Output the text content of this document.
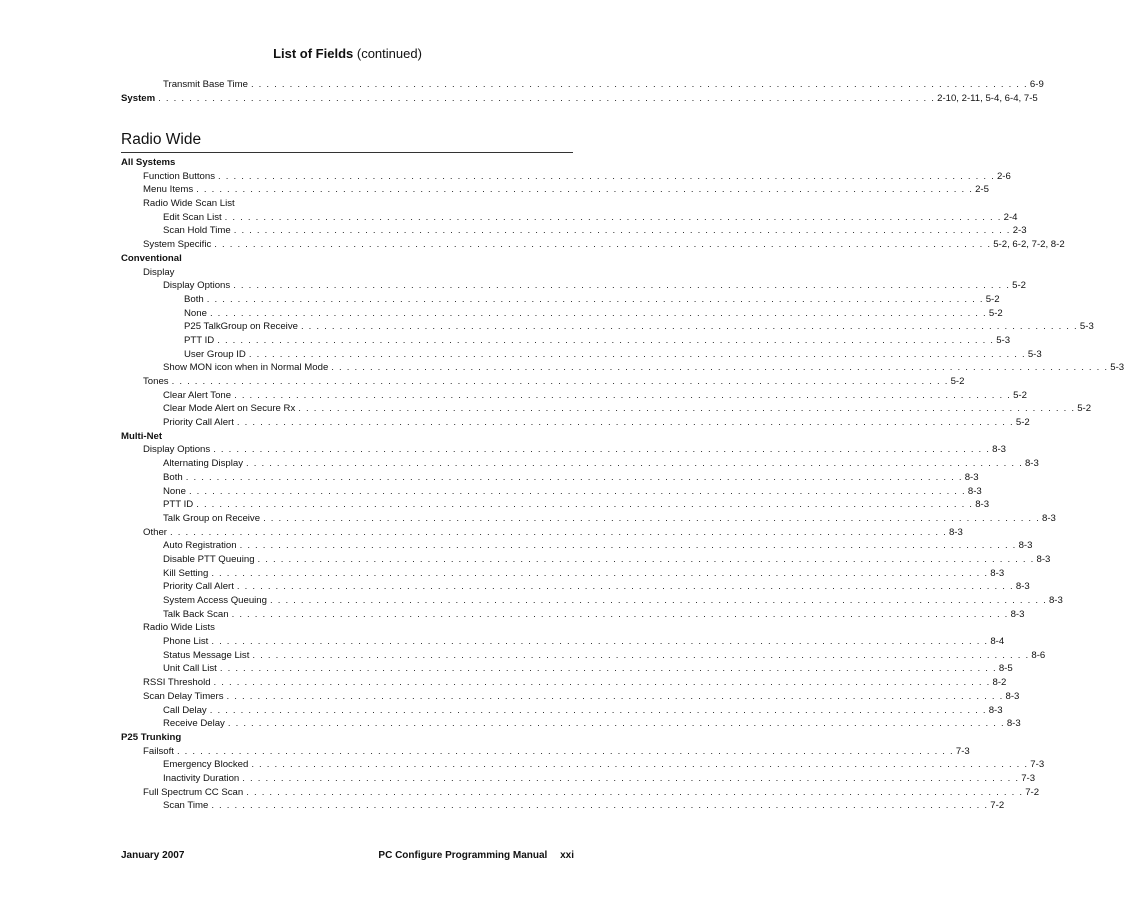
List of Fields (continued)
Transmit Base Time . . . . . . . . . . . . . . . . . . . . . . . . . . . . . . . . . . . . . . . . . . . . . . . . . . . . . . . . . . . . . . . . . . . . . . . . . . . . . . . . . . . . . . . . . . . . . . . . . . . . . 6-9
System . . . . . . . . . . . . . . . . . . . . . . . . . . . . . . . . . . . . . . . . . . . . . . . . . . . . . . . . . . . . . . . . . . . . . . . . . . . . . . . . . . . . . . . . . . . . . . . . . . . . . 2-10, 2-11, 5-4, 6-4, 7-5
Radio Wide
All Systems
Function Buttons . . . . . . . . . . . . . . . . . . . . . . . . . . . . . . . . . . . . . . . . . . . . . . . . . . . . . . . . . . . . . . . . . . . . . . . . . . . . . . . . . . . . . . . . . . . . . . . . . . . . . 2-6
Menu Items . . . . . . . . . . . . . . . . . . . . . . . . . . . . . . . . . . . . . . . . . . . . . . . . . . . . . . . . . . . . . . . . . . . . . . . . . . . . . . . . . . . . . . . . . . . . . . . . . . . . . 2-5
Radio Wide Scan List
Edit Scan List . . . . . . . . . . . . . . . . . . . . . . . . . . . . . . . . . . . . . . . . . . . . . . . . . . . . . . . . . . . . . . . . . . . . . . . . . . . . . . . . . . . . . . . . . . . . . . . . . . . . . 2-4
Scan Hold Time . . . . . . . . . . . . . . . . . . . . . . . . . . . . . . . . . . . . . . . . . . . . . . . . . . . . . . . . . . . . . . . . . . . . . . . . . . . . . . . . . . . . . . . . . . . . . . . . . . . . . 2-3
System Specific . . . . . . . . . . . . . . . . . . . . . . . . . . . . . . . . . . . . . . . . . . . . . . . . . . . . . . . . . . . . . . . . . . . . . . . . . . . . . . . . . . . . . . . . . . . . . . . . . . . . . 5-2, 6-2, 7-2, 8-2
Conventional
Display
Display Options . . . . . . . . . . . . . . . . . . . . . . . . . . . . . . . . . . . . . . . . . . . . . . . . . . . . . . . . . . . . . . . . . . . . . . . . . . . . . . . . . . . . . . . . . . . . . . . . . . . . . 5-2
Both . . . . . . . . . . . . . . . . . . . . . . . . . . . . . . . . . . . . . . . . . . . . . . . . . . . . . . . . . . . . . . . . . . . . . . . . . . . . . . . . . . . . . . . . . . . . . . . . . . . . . 5-2
None . . . . . . . . . . . . . . . . . . . . . . . . . . . . . . . . . . . . . . . . . . . . . . . . . . . . . . . . . . . . . . . . . . . . . . . . . . . . . . . . . . . . . . . . . . . . . . . . . . . . . 5-2
P25 TalkGroup on Receive . . . . . . . . . . . . . . . . . . . . . . . . . . . . . . . . . . . . . . . . . . . . . . . . . . . . . . . . . . . . . . . . . . . . . . . . . . . . . . . . . . . . . . . . . . . . . . . . . . . . . 5-3
PTT ID . . . . . . . . . . . . . . . . . . . . . . . . . . . . . . . . . . . . . . . . . . . . . . . . . . . . . . . . . . . . . . . . . . . . . . . . . . . . . . . . . . . . . . . . . . . . . . . . . . . . . 5-3
User Group ID . . . . . . . . . . . . . . . . . . . . . . . . . . . . . . . . . . . . . . . . . . . . . . . . . . . . . . . . . . . . . . . . . . . . . . . . . . . . . . . . . . . . . . . . . . . . . . . . . . . . . 5-3
Show MON icon when in Normal Mode . . . . . . . . . . . . . . . . . . . . . . . . . . . . . . . . . . . . . . . . . . . . . . . . . . . . . . . . . . . . . . . . . . . . . . . . . . . . . . . . . . . . . . . . . . . . . . . . . . . . . 5-3
Tones . . . . . . . . . . . . . . . . . . . . . . . . . . . . . . . . . . . . . . . . . . . . . . . . . . . . . . . . . . . . . . . . . . . . . . . . . . . . . . . . . . . . . . . . . . . . . . . . . . . . . 5-2
Clear Alert Tone . . . . . . . . . . . . . . . . . . . . . . . . . . . . . . . . . . . . . . . . . . . . . . . . . . . . . . . . . . . . . . . . . . . . . . . . . . . . . . . . . . . . . . . . . . . . . . . . . . . . . 5-2
Clear Mode Alert on Secure Rx . . . . . . . . . . . . . . . . . . . . . . . . . . . . . . . . . . . . . . . . . . . . . . . . . . . . . . . . . . . . . . . . . . . . . . . . . . . . . . . . . . . . . . . . . . . . . . . . . . . . . 5-2
Priority Call Alert . . . . . . . . . . . . . . . . . . . . . . . . . . . . . . . . . . . . . . . . . . . . . . . . . . . . . . . . . . . . . . . . . . . . . . . . . . . . . . . . . . . . . . . . . . . . . . . . . . . . . 5-2
Multi-Net
Display Options . . . . . . . . . . . . . . . . . . . . . . . . . . . . . . . . . . . . . . . . . . . . . . . . . . . . . . . . . . . . . . . . . . . . . . . . . . . . . . . . . . . . . . . . . . . . . . . . . . . . . 8-3
Alternating Display . . . . . . . . . . . . . . . . . . . . . . . . . . . . . . . . . . . . . . . . . . . . . . . . . . . . . . . . . . . . . . . . . . . . . . . . . . . . . . . . . . . . . . . . . . . . . . . . . . . . . 8-3
Both . . . . . . . . . . . . . . . . . . . . . . . . . . . . . . . . . . . . . . . . . . . . . . . . . . . . . . . . . . . . . . . . . . . . . . . . . . . . . . . . . . . . . . . . . . . . . . . . . . . . . 8-3
None . . . . . . . . . . . . . . . . . . . . . . . . . . . . . . . . . . . . . . . . . . . . . . . . . . . . . . . . . . . . . . . . . . . . . . . . . . . . . . . . . . . . . . . . . . . . . . . . . . . . . 8-3
PTT ID . . . . . . . . . . . . . . . . . . . . . . . . . . . . . . . . . . . . . . . . . . . . . . . . . . . . . . . . . . . . . . . . . . . . . . . . . . . . . . . . . . . . . . . . . . . . . . . . . . . . . 8-3
Talk Group on Receive . . . . . . . . . . . . . . . . . . . . . . . . . . . . . . . . . . . . . . . . . . . . . . . . . . . . . . . . . . . . . . . . . . . . . . . . . . . . . . . . . . . . . . . . . . . . . . . . . . . . . 8-3
Other . . . . . . . . . . . . . . . . . . . . . . . . . . . . . . . . . . . . . . . . . . . . . . . . . . . . . . . . . . . . . . . . . . . . . . . . . . . . . . . . . . . . . . . . . . . . . . . . . . . . . 8-3
Auto Registration . . . . . . . . . . . . . . . . . . . . . . . . . . . . . . . . . . . . . . . . . . . . . . . . . . . . . . . . . . . . . . . . . . . . . . . . . . . . . . . . . . . . . . . . . . . . . . . . . . . . . 8-3
Disable PTT Queuing . . . . . . . . . . . . . . . . . . . . . . . . . . . . . . . . . . . . . . . . . . . . . . . . . . . . . . . . . . . . . . . . . . . . . . . . . . . . . . . . . . . . . . . . . . . . . . . . . . . . . 8-3
Kill Setting . . . . . . . . . . . . . . . . . . . . . . . . . . . . . . . . . . . . . . . . . . . . . . . . . . . . . . . . . . . . . . . . . . . . . . . . . . . . . . . . . . . . . . . . . . . . . . . . . . . . . 8-3
Priority Call Alert . . . . . . . . . . . . . . . . . . . . . . . . . . . . . . . . . . . . . . . . . . . . . . . . . . . . . . . . . . . . . . . . . . . . . . . . . . . . . . . . . . . . . . . . . . . . . . . . . . . . . 8-3
System Access Queuing . . . . . . . . . . . . . . . . . . . . . . . . . . . . . . . . . . . . . . . . . . . . . . . . . . . . . . . . . . . . . . . . . . . . . . . . . . . . . . . . . . . . . . . . . . . . . . . . . . . . . 8-3
Talk Back Scan . . . . . . . . . . . . . . . . . . . . . . . . . . . . . . . . . . . . . . . . . . . . . . . . . . . . . . . . . . . . . . . . . . . . . . . . . . . . . . . . . . . . . . . . . . . . . . . . . . . . . 8-3
Radio Wide Lists
Phone List . . . . . . . . . . . . . . . . . . . . . . . . . . . . . . . . . . . . . . . . . . . . . . . . . . . . . . . . . . . . . . . . . . . . . . . . . . . . . . . . . . . . . . . . . . . . . . . . . . . . . 8-4
Status Message List . . . . . . . . . . . . . . . . . . . . . . . . . . . . . . . . . . . . . . . . . . . . . . . . . . . . . . . . . . . . . . . . . . . . . . . . . . . . . . . . . . . . . . . . . . . . . . . . . . . . . 8-6
Unit Call List . . . . . . . . . . . . . . . . . . . . . . . . . . . . . . . . . . . . . . . . . . . . . . . . . . . . . . . . . . . . . . . . . . . . . . . . . . . . . . . . . . . . . . . . . . . . . . . . . . . . . 8-5
RSSI Threshold . . . . . . . . . . . . . . . . . . . . . . . . . . . . . . . . . . . . . . . . . . . . . . . . . . . . . . . . . . . . . . . . . . . . . . . . . . . . . . . . . . . . . . . . . . . . . . . . . . . . . 8-2
Scan Delay Timers . . . . . . . . . . . . . . . . . . . . . . . . . . . . . . . . . . . . . . . . . . . . . . . . . . . . . . . . . . . . . . . . . . . . . . . . . . . . . . . . . . . . . . . . . . . . . . . . . . . . . 8-3
Call Delay . . . . . . . . . . . . . . . . . . . . . . . . . . . . . . . . . . . . . . . . . . . . . . . . . . . . . . . . . . . . . . . . . . . . . . . . . . . . . . . . . . . . . . . . . . . . . . . . . . . . . 8-3
Receive Delay . . . . . . . . . . . . . . . . . . . . . . . . . . . . . . . . . . . . . . . . . . . . . . . . . . . . . . . . . . . . . . . . . . . . . . . . . . . . . . . . . . . . . . . . . . . . . . . . . . . . . 8-3
P25 Trunking
Failsoft . . . . . . . . . . . . . . . . . . . . . . . . . . . . . . . . . . . . . . . . . . . . . . . . . . . . . . . . . . . . . . . . . . . . . . . . . . . . . . . . . . . . . . . . . . . . . . . . . . . . . 7-3
Emergency Blocked . . . . . . . . . . . . . . . . . . . . . . . . . . . . . . . . . . . . . . . . . . . . . . . . . . . . . . . . . . . . . . . . . . . . . . . . . . . . . . . . . . . . . . . . . . . . . . . . . . . . . 7-3
Inactivity Duration . . . . . . . . . . . . . . . . . . . . . . . . . . . . . . . . . . . . . . . . . . . . . . . . . . . . . . . . . . . . . . . . . . . . . . . . . . . . . . . . . . . . . . . . . . . . . . . . . . . . . 7-3
Full Spectrum CC Scan . . . . . . . . . . . . . . . . . . . . . . . . . . . . . . . . . . . . . . . . . . . . . . . . . . . . . . . . . . . . . . . . . . . . . . . . . . . . . . . . . . . . . . . . . . . . . . . . . . . . . 7-2
Scan Time . . . . . . . . . . . . . . . . . . . . . . . . . . . . . . . . . . . . . . . . . . . . . . . . . . . . . . . . . . . . . . . . . . . . . . . . . . . . . . . . . . . . . . . . . . . . . . . . . . . . . 7-2
January 2007	PC Configure Programming Manual xxi
